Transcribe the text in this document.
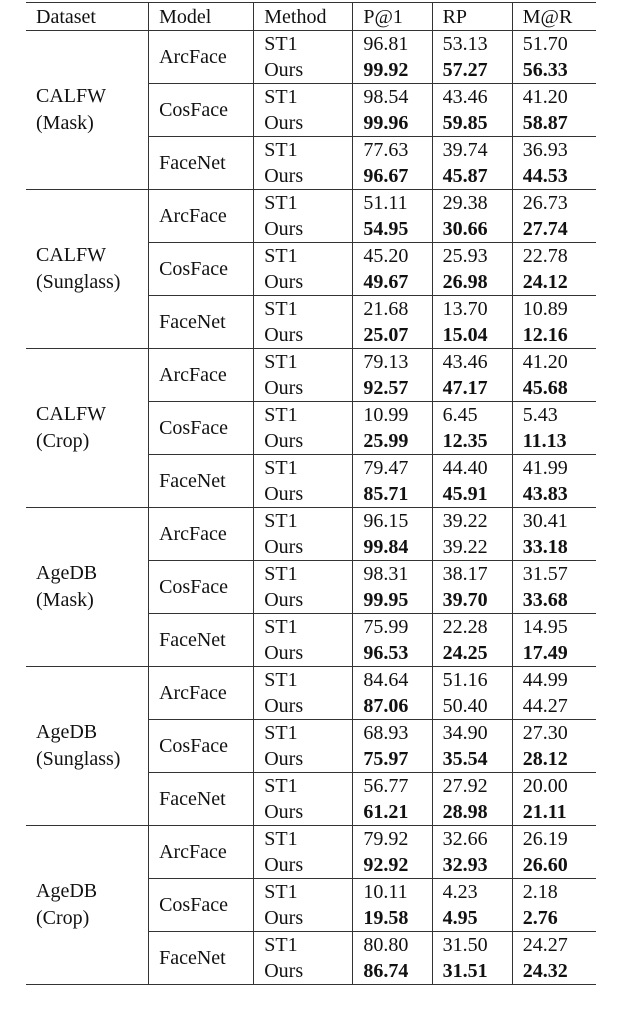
Dataset	Model	Method	P@1	RP	M@R

CALFW
(Mask)	ArcFace	ST1	96.81	53.13	51.70
		Ours	99.92	57.27	56.33
	CosFace	ST1	98.54	43.46	41.20
		Ours	99.96	59.85	58.87
	FaceNet	ST1	77.63	39.74	36.93
		Ours	96.67	45.87	44.53

CALFW
(Sunglass)	ArcFace	ST1	51.11	29.38	26.73
		Ours	54.95	30.66	27.74
	CosFace	ST1	45.20	25.93	22.78
		Ours	49.67	26.98	24.12
	FaceNet	ST1	21.68	13.70	10.89
		Ours	25.07	15.04	12.16

CALFW
(Crop)	ArcFace	ST1	79.13	43.46	41.20
		Ours	92.57	47.17	45.68
	CosFace	ST1	10.99	6.45	5.43
		Ours	25.99	12.35	11.13
	FaceNet	ST1	79.47	44.40	41.99
		Ours	85.71	45.91	43.83

AgeDB
(Mask)	ArcFace	ST1	96.15	39.22	30.41
		Ours	99.84	39.22	33.18
	CosFace	ST1	98.31	38.17	31.57
		Ours	99.95	39.70	33.68
	FaceNet	ST1	75.99	22.28	14.95
		Ours	96.53	24.25	17.49

AgeDB
(Sunglass)	ArcFace	ST1	84.64	51.16	44.99
		Ours	87.06	50.40	44.27
	CosFace	ST1	68.93	34.90	27.30
		Ours	75.97	35.54	28.12
	FaceNet	ST1	56.77	27.92	20.00
		Ours	61.21	28.98	21.11

AgeDB
(Crop)	ArcFace	ST1	79.92	32.66	26.19
		Ours	92.92	32.93	26.60
	CosFace	ST1	10.11	4.23	2.18
		Ours	19.58	4.95	2.76
	FaceNet	ST1	80.80	31.50	24.27
		Ours	86.74	31.51	24.32
